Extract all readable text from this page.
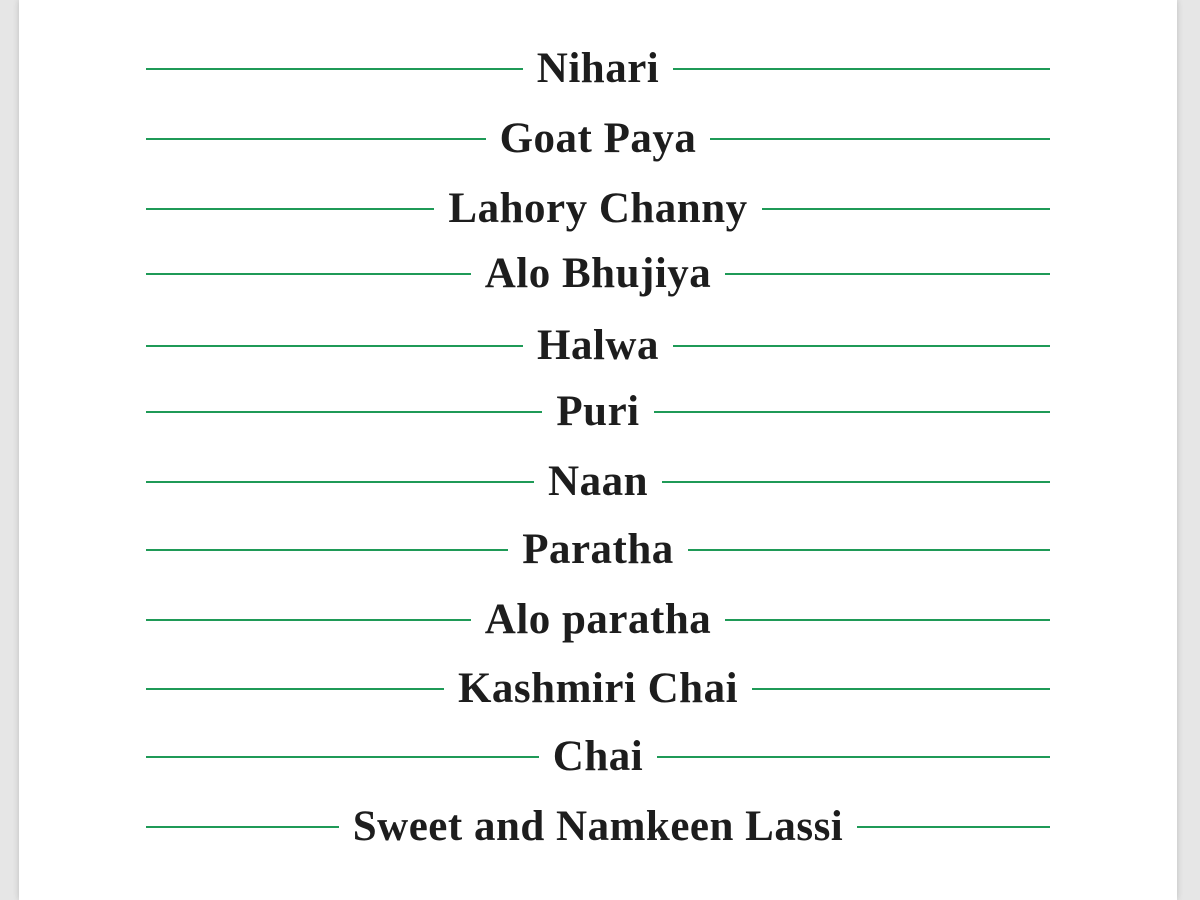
Nihari
Goat Paya
Lahory Channy
Alo Bhujiya
Halwa
Puri
Naan
Paratha
Alo paratha
Kashmiri Chai
Chai
Sweet and Namkeen Lassi
